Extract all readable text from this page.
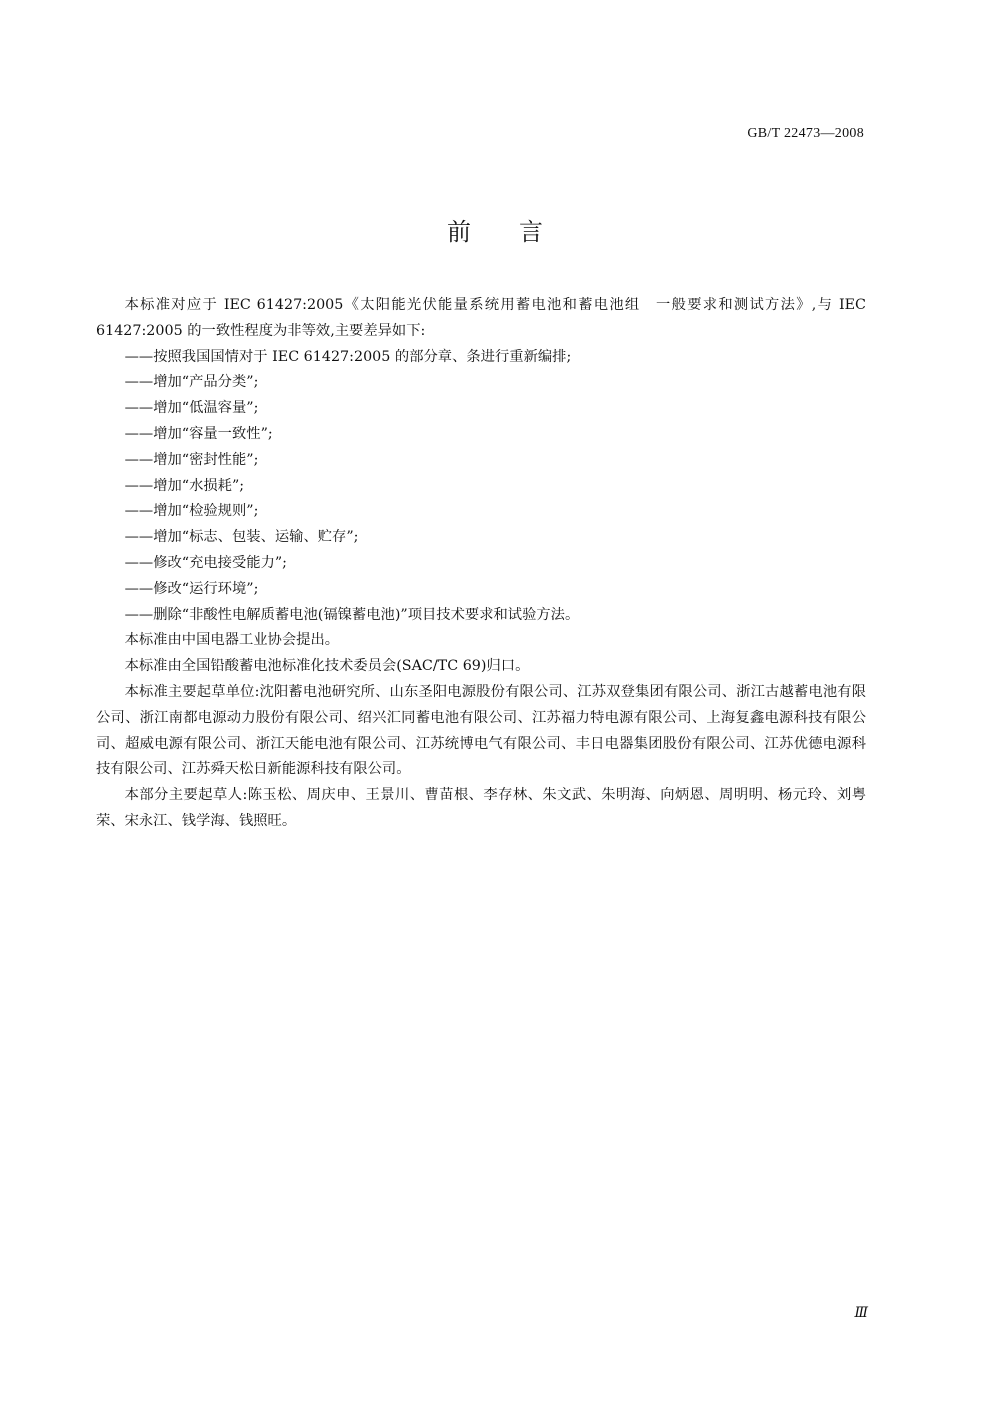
GB/T 22473—2008
前 言

本标准对应于 IEC 61427:2005《太阳能光伏能量系统用蓄电池和蓄电池组　一般要求和测试方法》,与 IEC 61427:2005 的一致性程度为非等效,主要差异如下:

——按照我国国情对于 IEC 61427:2005 的部分章、条进行重新编排;

——增加“产品分类”;

——增加“低温容量”;

——增加“容量一致性”;

——增加“密封性能”;

——增加“水损耗”;

——增加“检验规则”;

——增加“标志、包装、运输、贮存”;

——修改“充电接受能力”;

——修改“运行环境”;

——删除“非酸性电解质蓄电池(镉镍蓄电池)”项目技术要求和试验方法。

本标准由中国电器工业协会提出。

本标准由全国铅酸蓄电池标准化技术委员会(SAC/TC 69)归口。

本标准主要起草单位:沈阳蓄电池研究所、山东圣阳电源股份有限公司、江苏双登集团有限公司、浙江古越蓄电池有限公司、浙江南都电源动力股份有限公司、绍兴汇同蓄电池有限公司、江苏福力特电源有限公司、上海复鑫电源科技有限公司、超威电源有限公司、浙江天能电池有限公司、江苏统博电气有限公司、丰日电器集团股份有限公司、江苏优德电源科技有限公司、江苏舜天松日新能源科技有限公司。

本部分主要起草人:陈玉松、周庆申、王景川、曹苗根、李存林、朱文武、朱明海、向炳恩、周明明、杨元玲、刘粤荣、宋永江、钱学海、钱照旺。

Ⅲ
